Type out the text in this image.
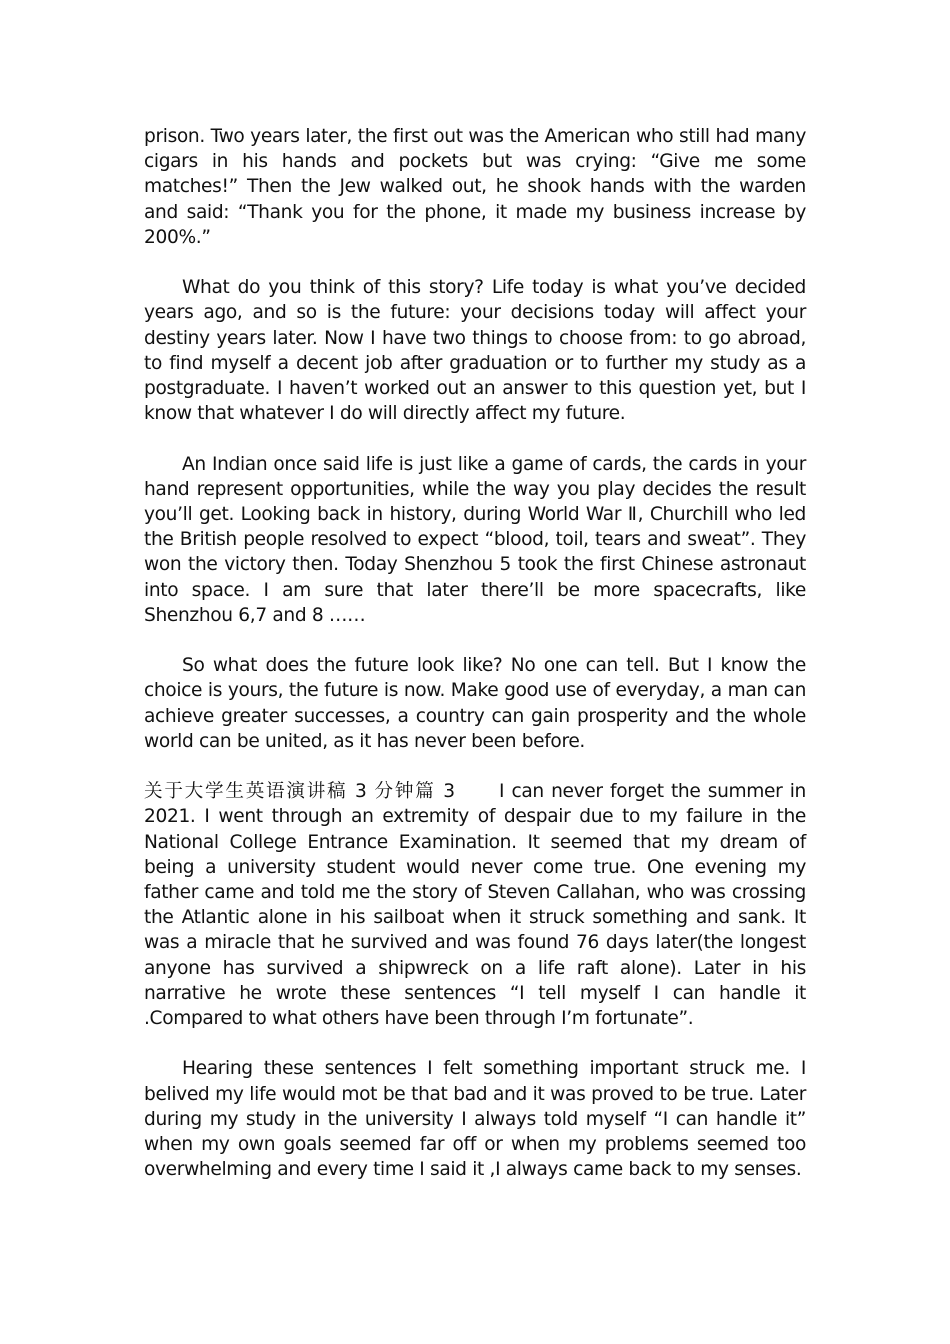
prison. Two years later, the first out was the American who still had many cigars in his hands and pockets but was crying: “Give me some matches!” Then the Jew walked out, he shook hands with the warden and said: “Thank you for the phone, it made my business increase by 200%.”

What do you think of this story? Life today is what you’ve decided years ago, and so is the future: your decisions today will affect your destiny years later. Now I have two things to choose from: to go abroad, to find myself a decent job after graduation or to further my study as a postgraduate. I haven’t worked out an answer to this question yet, but I know that whatever I do will directly affect my future.

An Indian once said life is just like a game of cards, the cards in your hand represent opportunities, while the way you play decides the result you’ll get. Looking back in history, during World War Ⅱ, Churchill who led the British people resolved to expect “blood, toil, tears and sweat”. They won the victory then. Today Shenzhou 5 took the first Chinese astronaut into space. I am sure that later there’ll be more spacecrafts, like Shenzhou 6,7 and 8 ……

So what does the future look like? No one can tell. But I know the choice is yours, the future is now. Make good use of everyday, a man can achieve greater successes, a country can gain prosperity and the whole world can be united, as it has never been before.

关于大学生英语演讲稿 3 分钟篇 3 I can never forget the summer in 2021. I went through an extremity of despair due to my failure in the National College Entrance Examination. It seemed that my dream of being a university student would never come true. One evening my father came and told me the story of Steven Callahan, who was crossing the Atlantic alone in his sailboat when it struck something and sank. It was a miracle that he survived and was found 76 days later(the longest anyone has survived a shipwreck on a life raft alone). Later in his narrative he wrote these sentences “I tell myself I can handle it .Compared to what others have been through I’m fortunate”.

Hearing these sentences I felt something important struck me. I belived my life would mot be that bad and it was proved to be true. Later during my study in the university I always told myself “I can handle it” when my own goals seemed far off or when my problems seemed too overwhelming and every time I said it ,I always came back to my senses.
